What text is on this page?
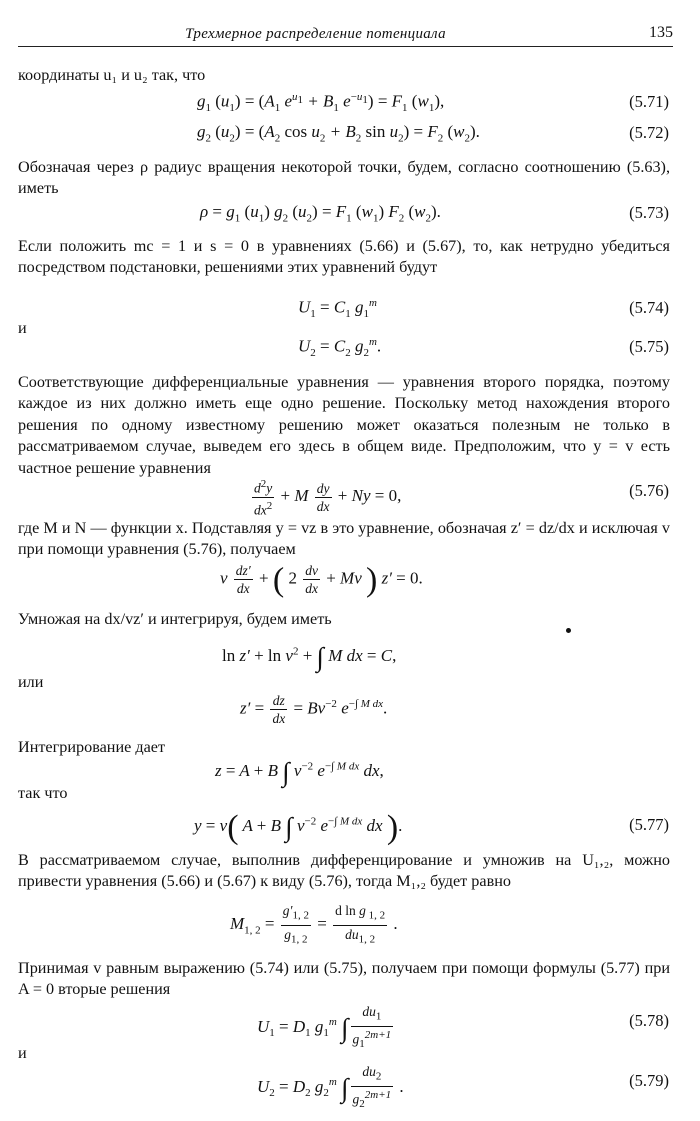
Трехмерное распределение потенциала	135
координаты u₁ и u₂ так, что
$g_1$ $(u_1) = (A_1$ $e^{u_1} + B_1$ $e^{-u_1}) = F_1$ $(w_1)$,	(5.71)
$g_2$ $(u_2) = (A_2$ $\cos u_2 + B_2$ $\sin u_2) = F_2$ $(w_2)$.	(5.72)
Обозначая через ρ радиус вращения некоторой точки, будем, согласно соотношению (5.63), иметь
$\rho = g_1$ $(u_1)$ $g_2$ $(u_2) = F_1$ $(w_1)$ $F_2$ $(w_2)$.	(5.73)
Если положить mc = 1 и s = 0 в уравнениях (5.66) и (5.67), то, как нетрудно убедиться посредством подстановки, решениями этих уравнений будут
$U_1 = C_1$ $g_1^m$	(5.74)
и
$U_2 = C_2$ $g_2^m$.	(5.75)
Соответствующие дифференциальные уравнения — уравнения второго порядка, поэтому каждое из них должно иметь еще одно решение. Поскольку метод нахождения второго решения по одному известному решению может оказаться полезным не только в рассматриваемом случае, выведем его здесь в общем виде. Предположим, что y = v есть частное решение уравнения
$\frac{d^2y}{dx^2} + M \frac{dy}{dx} + Ny = 0$,	(5.76)
где M и N — функции x. Подставляя y = vz в это уравнение, обозначая z′ = dz/dx и исключая v при помощи уравнения (5.76), получаем
v $\frac{dz'}{dx}$ + ( $2 \frac{dv}{dx} + Mv$ ) z′ = 0.
Умножая на dx/vz′ и интегрируя, будем иметь
$\ln z' + \ln v^2$ + ∫ M dx = C,
или
$z' = \frac{dz}{dx} = Bv^{-2}$ $e^{-\int M dx}$.
Интегрирование дает
z = A + B ∫ $v^{-2}$ $e^{-\int M dx}$ dx,
так что
y = v( A + B ∫ $v^{-2}$ $e^{-\int M dx}$ dx ).	(5.77)
В рассматриваемом случае, выполнив дифференцирование и умножив на U₁,₂, можно привести уравнения (5.66) и (5.67) к виду (5.76), тогда M₁,₂ будет равно
$M_{1, 2} = \frac{g'_{1, 2}}{g_{1, 2}} = \frac{d \ln g _{1, 2}}{du_{1, 2}}$ .
Принимая v равным выражению (5.74) или (5.75), получаем при помощи формулы (5.77) при A = 0 вторые решения
$U_1 = D_1$ $g_1^m$ ∫ $\frac{du_1}{g_1^{2m+1}}$	(5.78)
и
$U_2 = D_2$ $g_2^m$ ∫ $\frac{du_2}{g_2^{2m+1}}$ .	(5.79)
